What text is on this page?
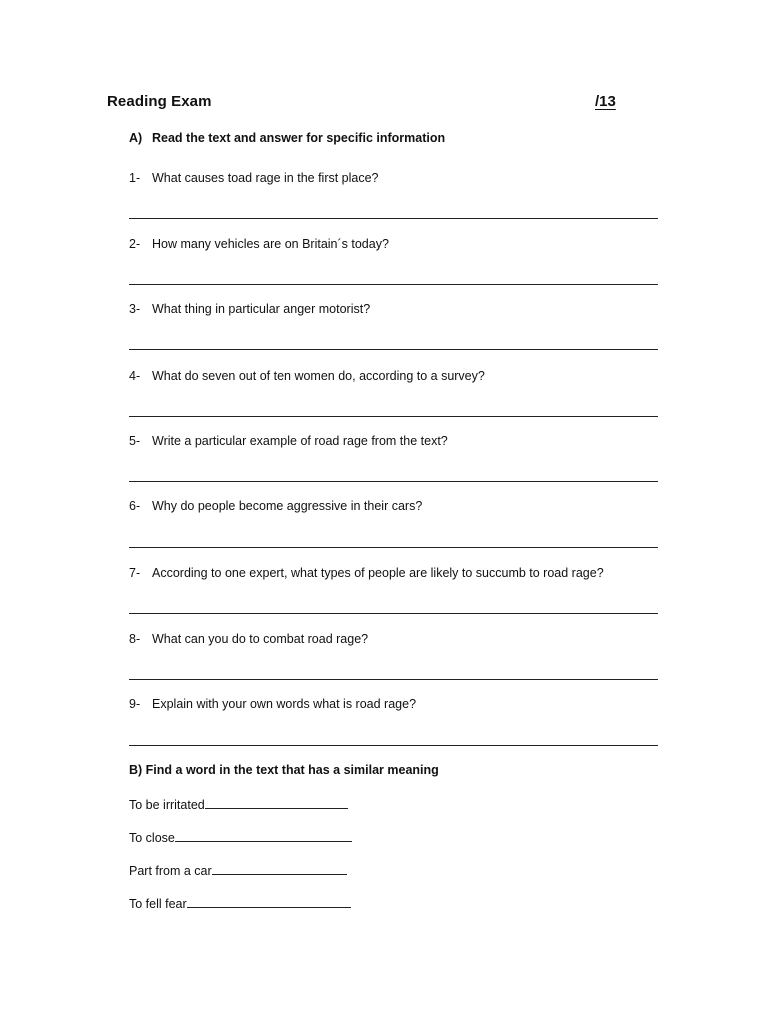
Reading Exam	/13
A) Read the text and answer for specific information
1- What causes toad rage in the first place?
2- How many vehicles are on Britain´s today?
3- What thing in particular anger motorist?
4- What do seven out of ten women do, according to a survey?
5- Write a particular example of road rage from the text?
6- Why do people become aggressive in their cars?
7- According to one expert, what types of people are likely to succumb to road rage?
8- What can you do to combat road rage?
9- Explain with your own words what is road rage?
B) Find a word in the text that has a similar meaning
To be irritated
To close
Part from a car
To fell fear
